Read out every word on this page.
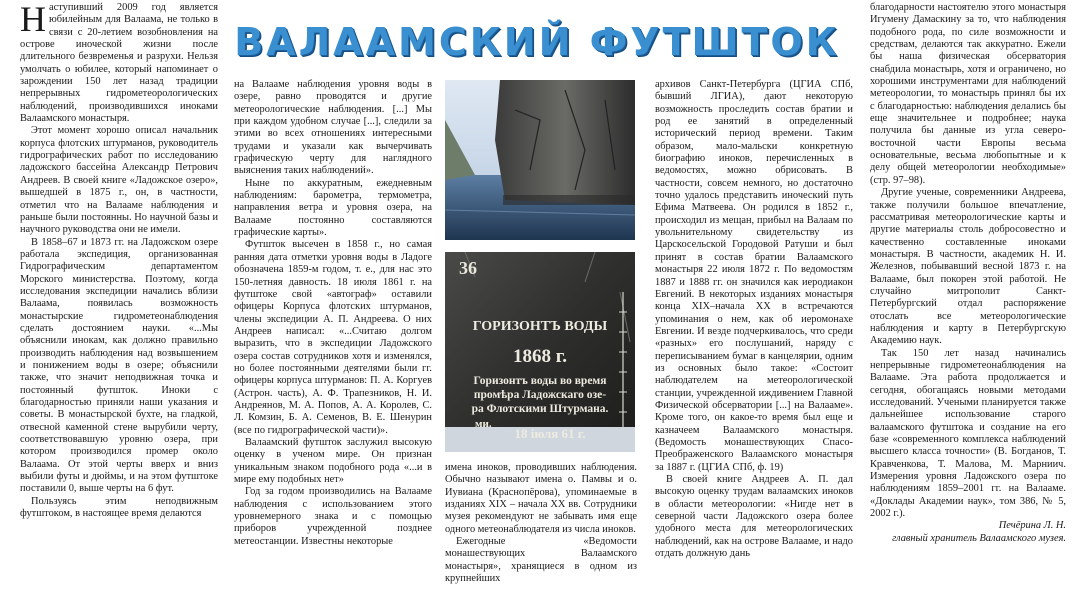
Наступивший 2009 год является юбилейным для Валаама, не только в связи с 20-летием возобновления на острове иноческой жизни после длительного безвременья и разрухи. Нельзя умолчать о юбилее, который напоминает о зарождении 150 лет назад традиции непрерывных гидрометеорологических наблюдений, производившихся иноками Валаамского монастыря.

Этот момент хорошо описал начальник корпуса флотских штурманов, руководитель гидрографических работ по исследованию ладожского бассейна Александр Петрович Андреев. В своей книге «Ладожское озеро», вышедшей в 1875 г., он, в частности, отметил что на Валааме наблюдения и раньше были постоянны. Но научной базы и научного руководства они не имели.

В 1858–67 и 1873 гг. на Ладожском озере работала экспедиция, организованная Гидрографическим департаментом Морского министерства. Поэтому, когда исследования экспедиции начались вблизи Валаама, появилась возможность монастырские гидрометеонаблюдения сделать достоянием науки. «...Мы объяснили инокам, как должно правильно производить наблюдения над возвышением и понижением воды в озере; объяснили также, что значит неподвижная точка и постоянный футшток. Иноки с благодарностью приняли наши указания и советы. В монастырской бухте, на гладкой, отвесной каменной стене вырубили черту, соответствовавшую уровню озера, при котором производился промер около Валаама. От этой черты вверх и вниз выбили футы и дюймы, и на этом футштоке поставили 0, выше черты на 6 фут.

Пользуясь этим неподвижным футштоком, в настоящее время делаются

ВАЛААМСКИЙ ФУТШТОК

на Валааме наблюдения уровня воды в озере, равно проводятся и другие метеорологические наблюдения. [...] Мы при каждом удобном случае [...], следили за этими во всех отношениях интересными трудами и указали как вычерчивать графическую черту для наглядного выяснения таких наблюдений».

Ныне по аккуратным, ежедневным наблюдениям: барометра, термометра, направления ветра и уровня озера, на Валааме постоянно составляются графические карты».

Футшток высечен в 1858 г., но самая ранняя дата отметки уровня воды в Ладоге обозначена 1859-м годом, т. е., для нас это 150-летняя давность. 18 июля 1861 г. на футштоке свой «автограф» оставили офицеры Корпуса флотских штурманов, члены экспедиции А. П. Андреева. О них Андреев написал: «...Считаю долгом выразить, что в экспедиции Ладожского озера состав сотрудников хотя и изменялся, но более постоянными деятелями были гг. офицеры корпуса штурманов: П. А. Коргуев (Астрон. часть), А. Ф. Трапезников, Н. И. Андреянов, М. А. Попов, А. А. Королев, С. Л. Комзин, Б. А. Семенов, В. Е. Шенурин (все по гидрографической части)».

Валаамский футшток заслужил высокую оценку в ученом мире. Он признан уникальным знаком подобного рода «...и в мире ему подобных нет»

Год за годом производились на Валааме наблюдения с использованием этого уровнемерного знака и с помощью приборов учрежденной позднее метеостанции. Известны некоторые

36
ГОРИЗОНТЪ ВОДЫ
1868 г.
Горизонтъ воды во время
промѣра Ладожскаго озе-
ра Флотскими Штурмана.
ми.
18 іюля 61 г.

имена иноков, проводивших наблюдения. Обычно называют имена о. Памвы и о. Иувиана (Краснопёрова), упоминаемые в изданиях XIX – начала XX вв. Сотрудники музея рекомендуют не забывать имя еще одного метеонаблюдателя из числа иноков.

Ежегодные «Ведомости монашествующих Валаамского монастыря», хранящиеся в одном из крупнейших

архивов Санкт-Петербурга (ЦГИА СПб, бывший ЛГИА), дают некоторую возможность проследить состав братии и род ее занятий в определенный исторический период времени. Таким образом, мало-мальски конкретную биографию иноков, перечисленных в ведомостях, можно обрисовать. В частности, совсем немного, но достаточно точно удалось представить иноческий путь Ефима Матвеева. Он родился в 1852 г., происходил из мещан, прибыл на Валаам по увольнительному свидетельству из Царскосельской Городовой Ратуши и был принят в состав братии Валаамского монастыря 22 июля 1872 г. По ведомостям 1887 и 1888 гг. он значился как иеродиакон Евгений. В некоторых изданиях монастыря конца XIX–начала XX в встречаются упоминания о нем, как об иеромонахе Евгении. И везде подчеркивалось, что среди «разных» его послушаний, наряду с переписыванием бумаг в канцелярии, одним из основных было такое: «Состоит наблюдателем на метеорологической станции, учрежденной иждивением Главной Физической обсерватории [...] на Валааме». Кроме того, он какое-то время был еще и казначеем Валаамского монастыря. (Ведомость монашествующих Спасо-Преображенского Валаамского монастыря за 1887 г. (ЦГИА СПб, ф. 19)

В своей книге Андреев А. П. дал высокую оценку трудам валаамских иноков в области метеорологии: «Нигде нет в северной части Ладожского озера более удобного места для метеорологических наблюдений, как на острове Валааме, и надо отдать должную дань

благодарности настоятелю этого монастыря Игумену Дамаскину за то, что наблюдения подобного рода, по силе возможности и средствам, делаются так аккуратно. Ежели бы наша физическая обсерватория снабдила монастырь, хотя и ограничено, но хорошими инструментами для наблюдений метеорологии, то монастырь принял бы их с благодарностью: наблюдения делались бы еще значительнее и подробнее; наука получила бы данные из угла северо-восточной части Европы весьма основательные, весьма любопытные и к делу общей метеорологии необходимые» (стр. 97–98).

Другие ученые, современники Андреева, также получили большое впечатление, рассматривая метеорологические карты и другие материалы столь добросовестно и качественно составленные иноками монастыря. В частности, академик Н. И. Железнов, побывавший весной 1873 г. на Валааме, был покорен этой работой. Не случайно митрополит Санкт-Петербургский отдал распоряжение отослать все метеорологические наблюдения и карту в Петербургскую Академию наук.

Так 150 лет назад начинались непрерывные гидрометеонаблюдения на Валааме. Эта работа продолжается и сегодня, обогащаясь новыми методами исследований. Учеными планируется также дальнейшее использование старого валаамского футштока и создание на его базе «современного комплекса наблюдений высшего класса точности» (В. Богданов, Т. Кравченкова, Т. Малова, М. Марниич. Измерения уровня Ладожского озера по наблюдениям 1859–2001 гг. на Валааме. «Доклады Академии наук», том 386, № 5, 2002 г.).

Печёрина Л. Н.

главный хранитель Валаамского музея.
